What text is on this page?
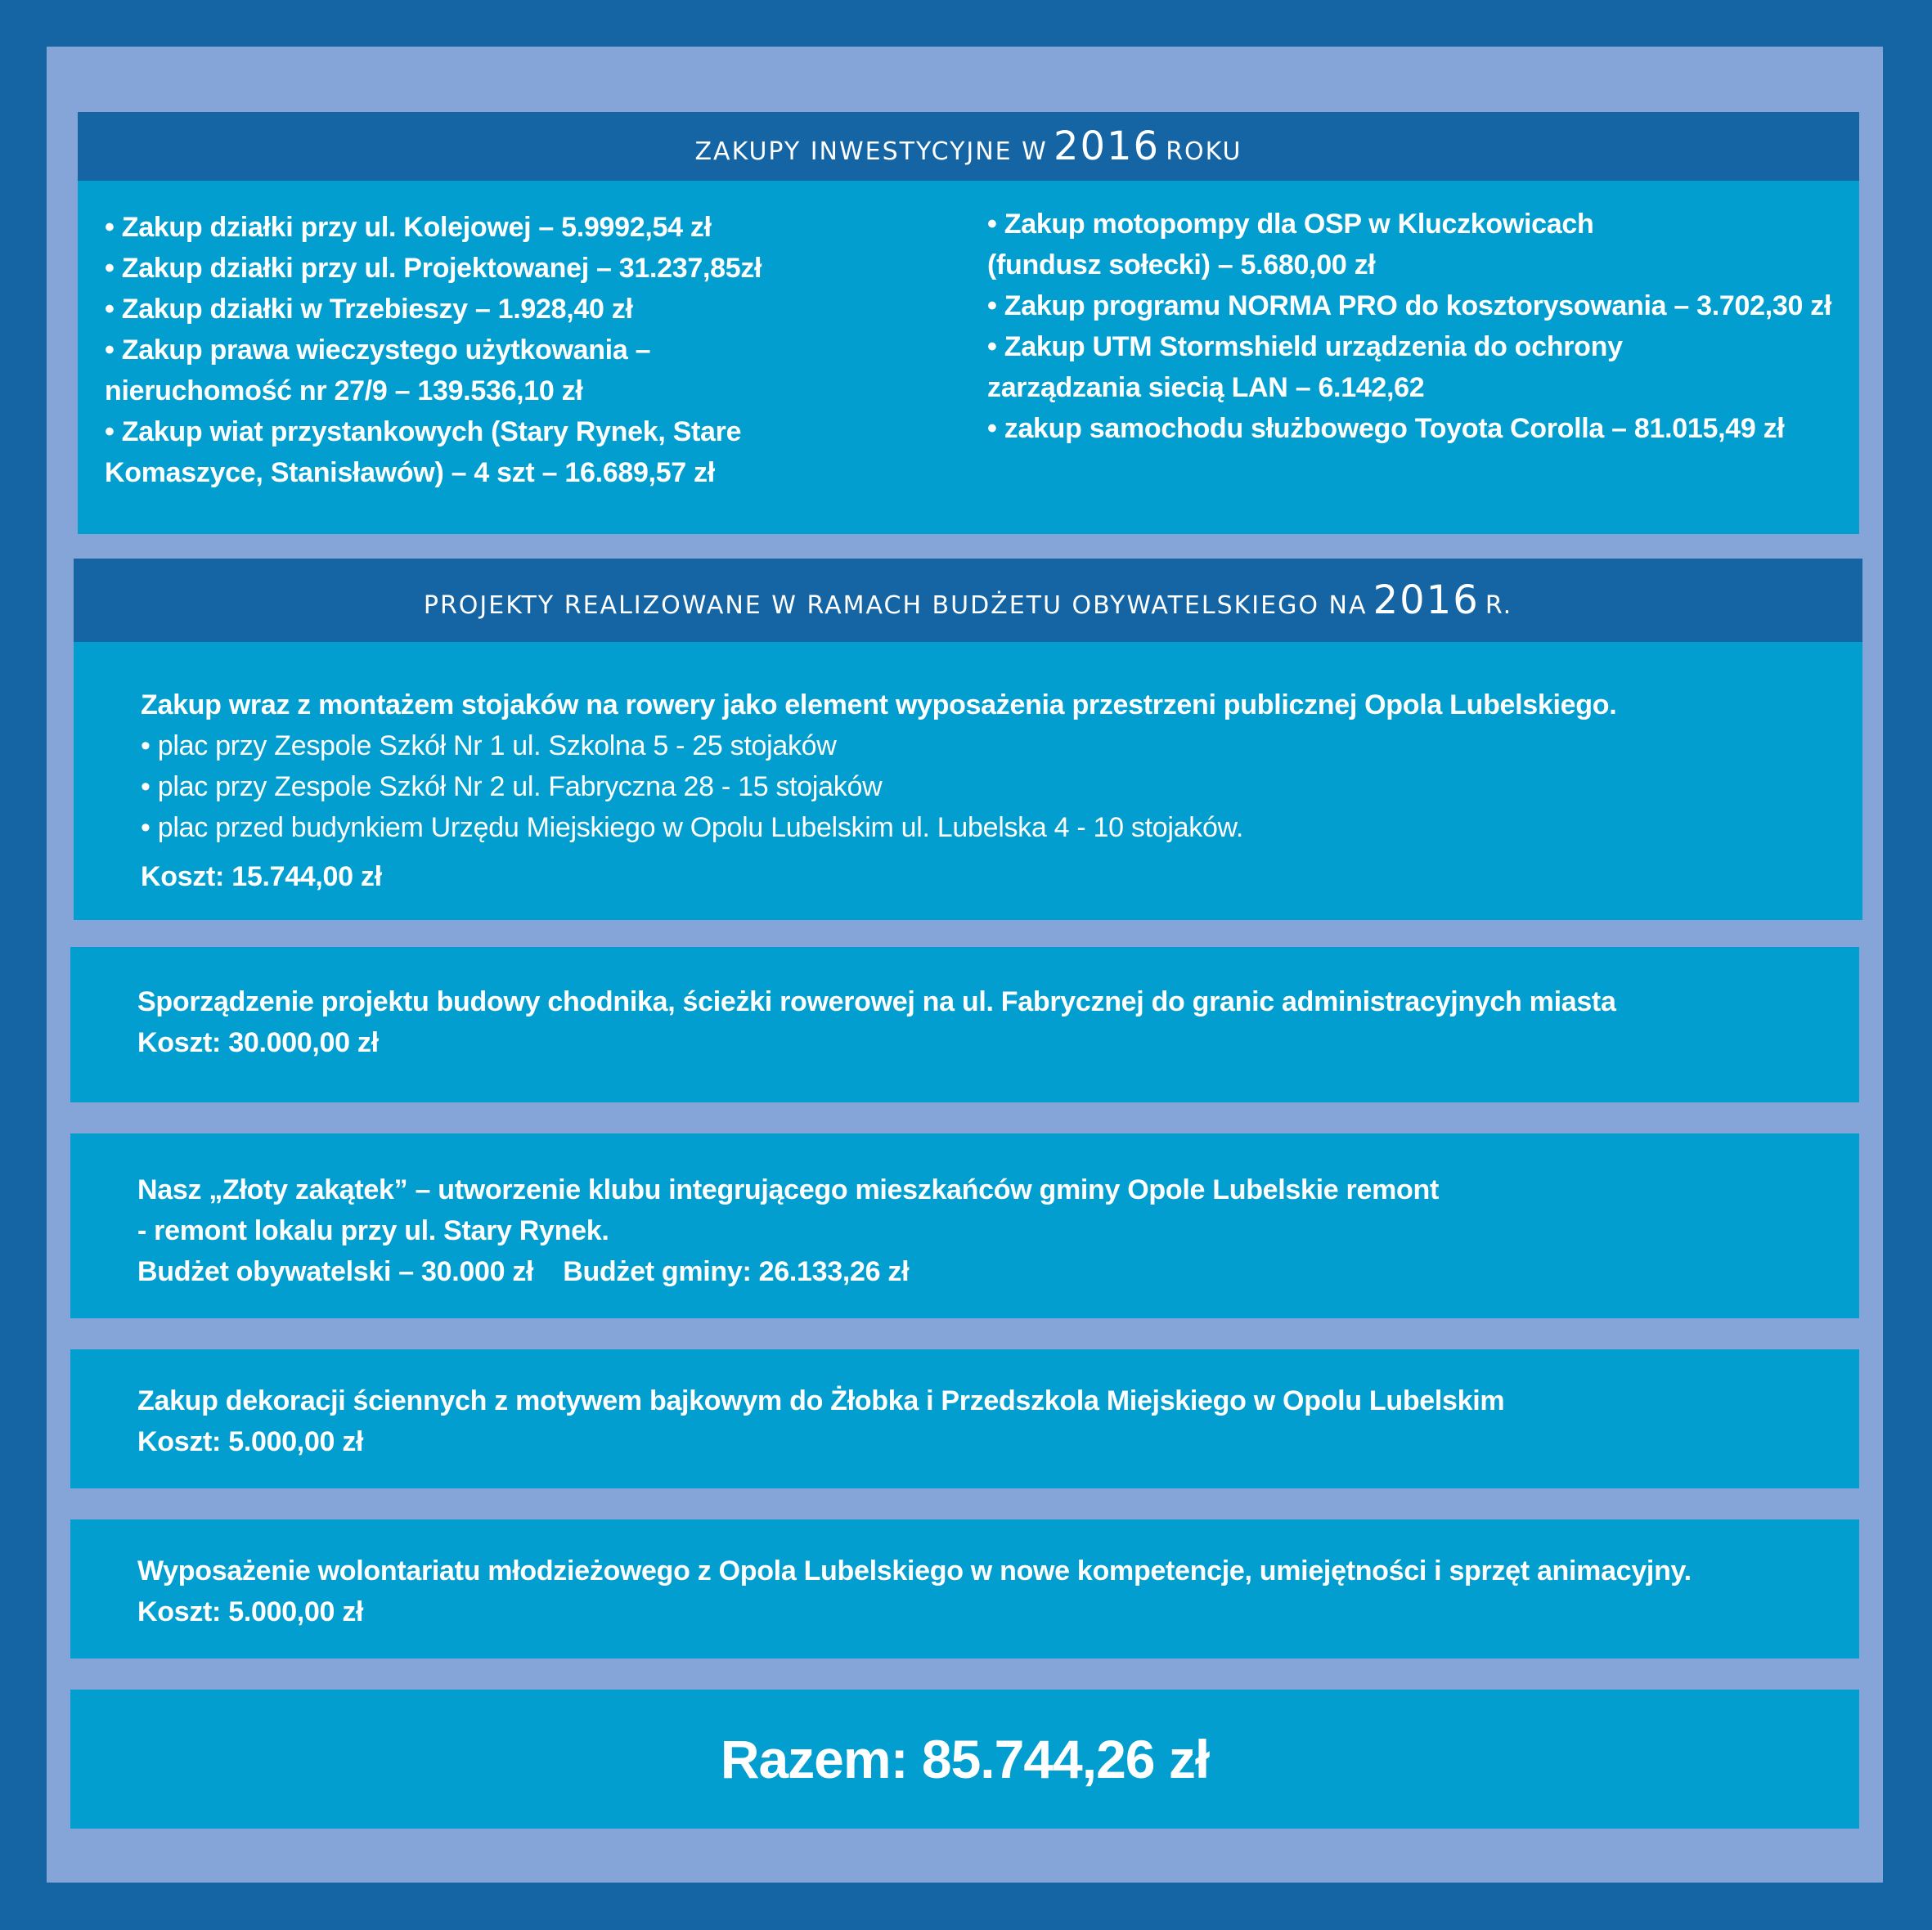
ZAKUPY INWESTYCYJNE W 2016 ROKU
• Zakup działki przy ul. Kolejowej – 5.9992,54 zł
• Zakup działki przy ul. Projektowanej – 31.237,85zł
• Zakup działki w Trzebieszy – 1.928,40 zł
• Zakup prawa wieczystego użytkowania –
nieruchomość nr 27/9 – 139.536,10 zł
• Zakup wiat przystankowych (Stary Rynek, Stare
Komaszyce, Stanisławów) – 4 szt – 16.689,57 zł
• Zakup motopompy dla OSP w Kluczkowicach
(fundusz sołecki) – 5.680,00 zł
• Zakup programu NORMA PRO do kosztorysowania – 3.702,30 zł
• Zakup UTM Stormshield urządzenia do ochrony
zarządzania siecią LAN – 6.142,62
• zakup samochodu służbowego Toyota Corolla – 81.015,49 zł
PROJEKTY REALIZOWANE W RAMACH BUDŻETU OBYWATELSKIEGO NA 2016 R.
Zakup wraz z montażem stojaków na rowery jako element wyposażenia przestrzeni publicznej Opola Lubelskiego.
• plac przy Zespole Szkół Nr 1 ul. Szkolna 5 - 25 stojaków
• plac przy Zespole Szkół Nr 2 ul. Fabryczna 28 - 15 stojaków
• plac przed budynkiem Urzędu Miejskiego w Opolu Lubelskim ul. Lubelska 4 - 10 stojaków.
Koszt: 15.744,00 zł
Sporządzenie projektu budowy chodnika, ścieżki rowerowej na ul. Fabrycznej do granic administracyjnych miasta
Koszt: 30.000,00 zł
Nasz „Złoty zakątek” – utworzenie klubu integrującego mieszkańców gminy Opole Lubelskie remont
- remont lokalu przy ul. Stary Rynek.
Budżet obywatelski – 30.000 zł Budżet gminy: 26.133,26 zł
Zakup dekoracji ściennych z motywem bajkowym do Żłobka i Przedszkola Miejskiego w Opolu Lubelskim
Koszt: 5.000,00 zł
Wyposażenie wolontariatu młodzieżowego z Opola Lubelskiego w nowe kompetencje, umiejętności i sprzęt animacyjny.
Koszt: 5.000,00 zł
Razem: 85.744,26 zł
